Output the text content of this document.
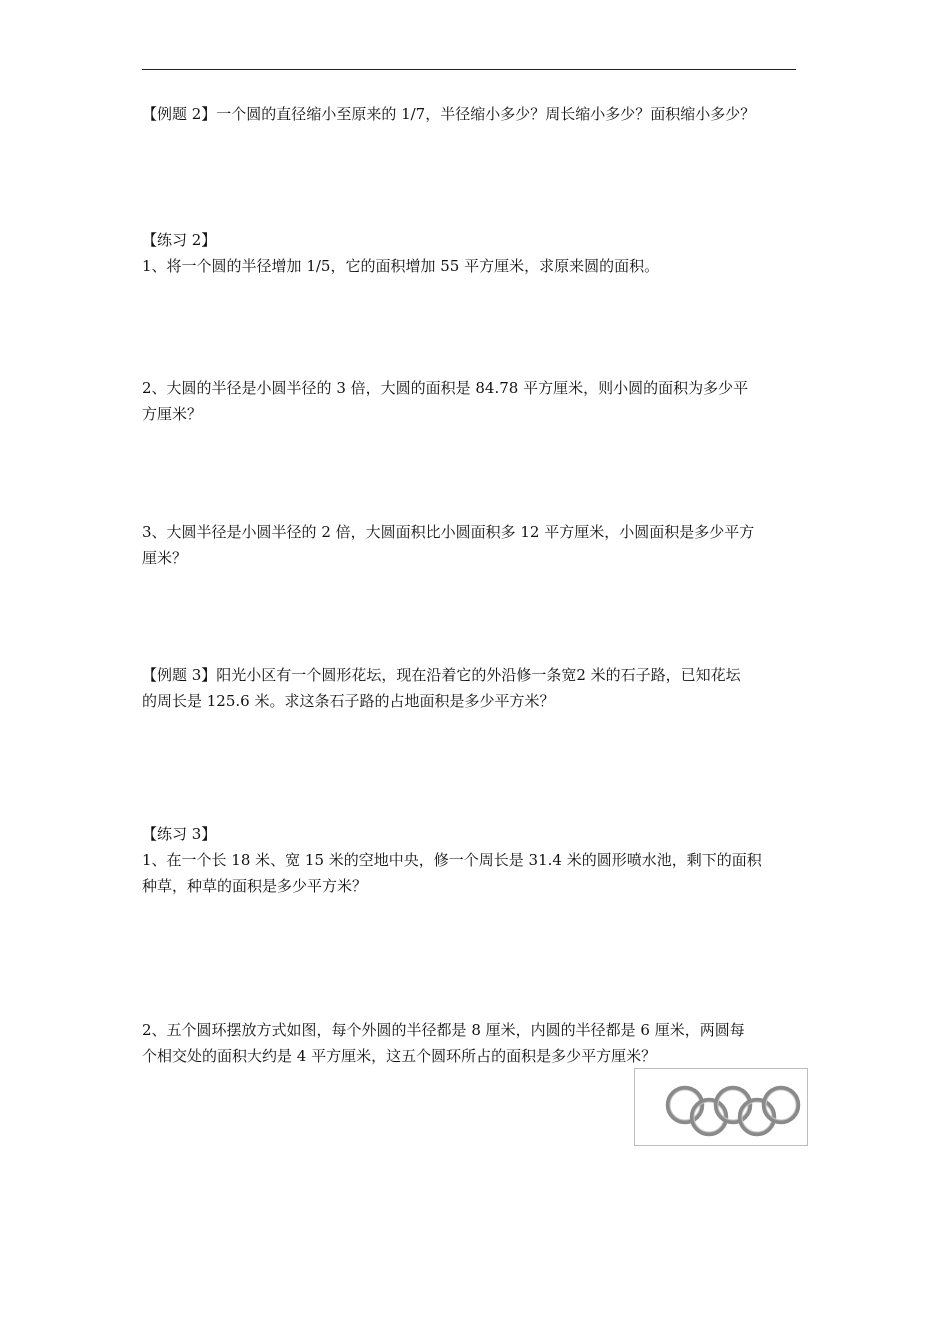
【例题 2】一个圆的直径缩小至原来的 1/7，半径缩小多少？周长缩小多少？面积缩小多少？
【练习 2】
1、将一个圆的半径增加 1/5，它的面积增加 55 平方厘米，求原来圆的面积。
2、大圆的半径是小圆半径的 3 倍，大圆的面积是 84.78 平方厘米，则小圆的面积为多少平
方厘米？
3、大圆半径是小圆半径的 2 倍，大圆面积比小圆面积多 12 平方厘米，小圆面积是多少平方
厘米？
【例题 3】阳光小区有一个圆形花坛，现在沿着它的外沿修一条宽2 米的石子路，已知花坛
的周长是 125.6 米。求这条石子路的占地面积是多少平方米？
【练习 3】
1、在一个长 18 米、宽 15 米的空地中央，修一个周长是 31.4 米的圆形喷水池，剩下的面积
种草，种草的面积是多少平方米？
2、五个圆环摆放方式如图，每个外圆的半径都是 8 厘米，内圆的半径都是 6 厘米，两圆每
个相交处的面积大约是 4 平方厘米，这五个圆环所占的面积是多少平方厘米？
